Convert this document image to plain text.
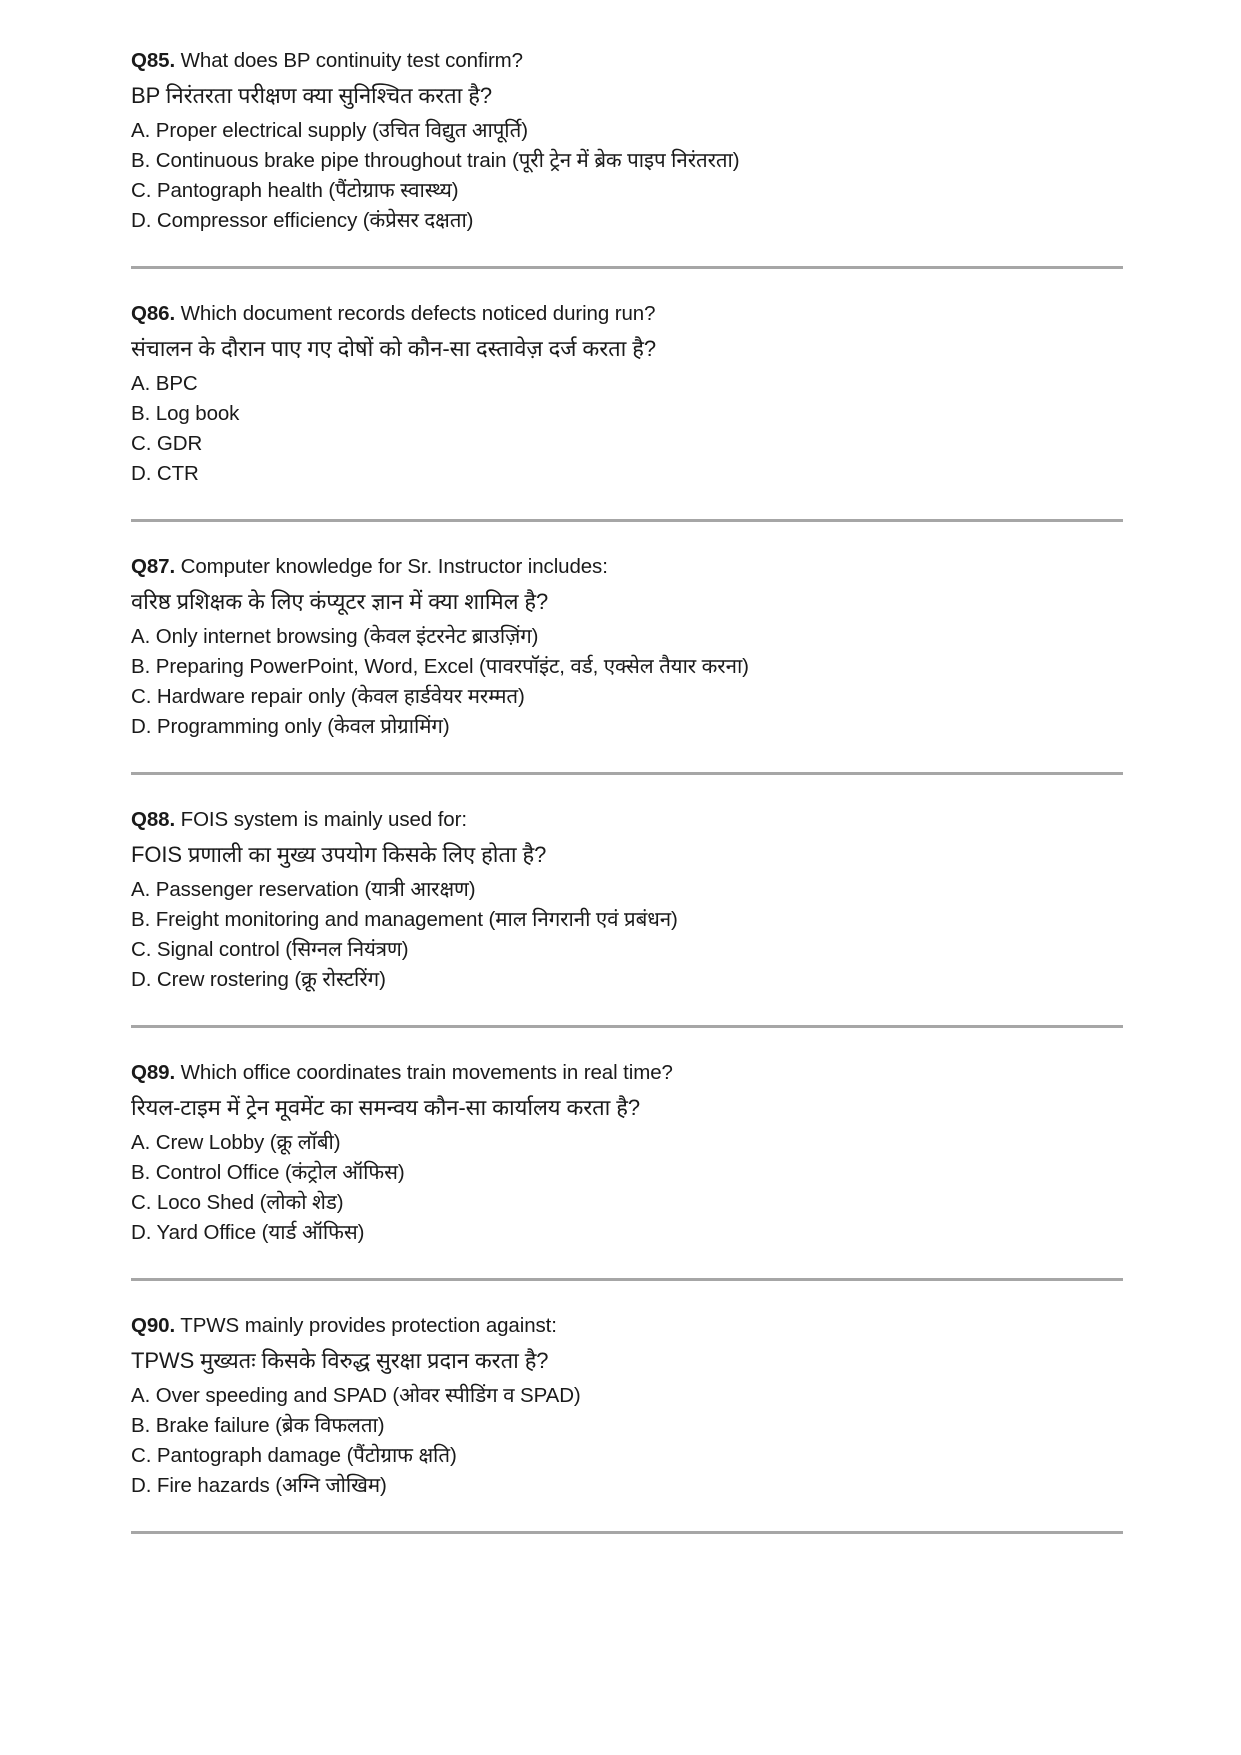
Q85. What does BP continuity test confirm?

BP निरंतरता परीक्षण क्या सुनिश्चित करता है?

A. Proper electrical supply (उचित विद्युत आपूर्ति)

B. Continuous brake pipe throughout train (पूरी ट्रेन में ब्रेक पाइप निरंतरता)

C. Pantograph health (पैंटोग्राफ स्वास्थ्य)

D. Compressor efficiency (कंप्रेसर दक्षता)

Q86. Which document records defects noticed during run?

संचालन के दौरान पाए गए दोषों को कौन-सा दस्तावेज़ दर्ज करता है?

A. BPC

B. Log book

C. GDR

D. CTR

Q87. Computer knowledge for Sr. Instructor includes:

वरिष्ठ प्रशिक्षक के लिए कंप्यूटर ज्ञान में क्या शामिल है?

A. Only internet browsing (केवल इंटरनेट ब्राउज़िंग)

B. Preparing PowerPoint, Word, Excel (पावरपॉइंट, वर्ड, एक्सेल तैयार करना)

C. Hardware repair only (केवल हार्डवेयर मरम्मत)

D. Programming only (केवल प्रोग्रामिंग)

Q88. FOIS system is mainly used for:

FOIS प्रणाली का मुख्य उपयोग किसके लिए होता है?

A. Passenger reservation (यात्री आरक्षण)

B. Freight monitoring and management (माल निगरानी एवं प्रबंधन)

C. Signal control (सिग्नल नियंत्रण)

D. Crew rostering (क्रू रोस्टरिंग)

Q89. Which office coordinates train movements in real time?

रियल-टाइम में ट्रेन मूवमेंट का समन्वय कौन-सा कार्यालय करता है?

A. Crew Lobby (क्रू लॉबी)

B. Control Office (कंट्रोल ऑफिस)

C. Loco Shed (लोको शेड)

D. Yard Office (यार्ड ऑफिस)

Q90. TPWS mainly provides protection against:

TPWS मुख्यतः किसके विरुद्ध सुरक्षा प्रदान करता है?

A. Over speeding and SPAD (ओवर स्पीडिंग व SPAD)

B. Brake failure (ब्रेक विफलता)

C. Pantograph damage (पैंटोग्राफ क्षति)

D. Fire hazards (अग्नि जोखिम)
